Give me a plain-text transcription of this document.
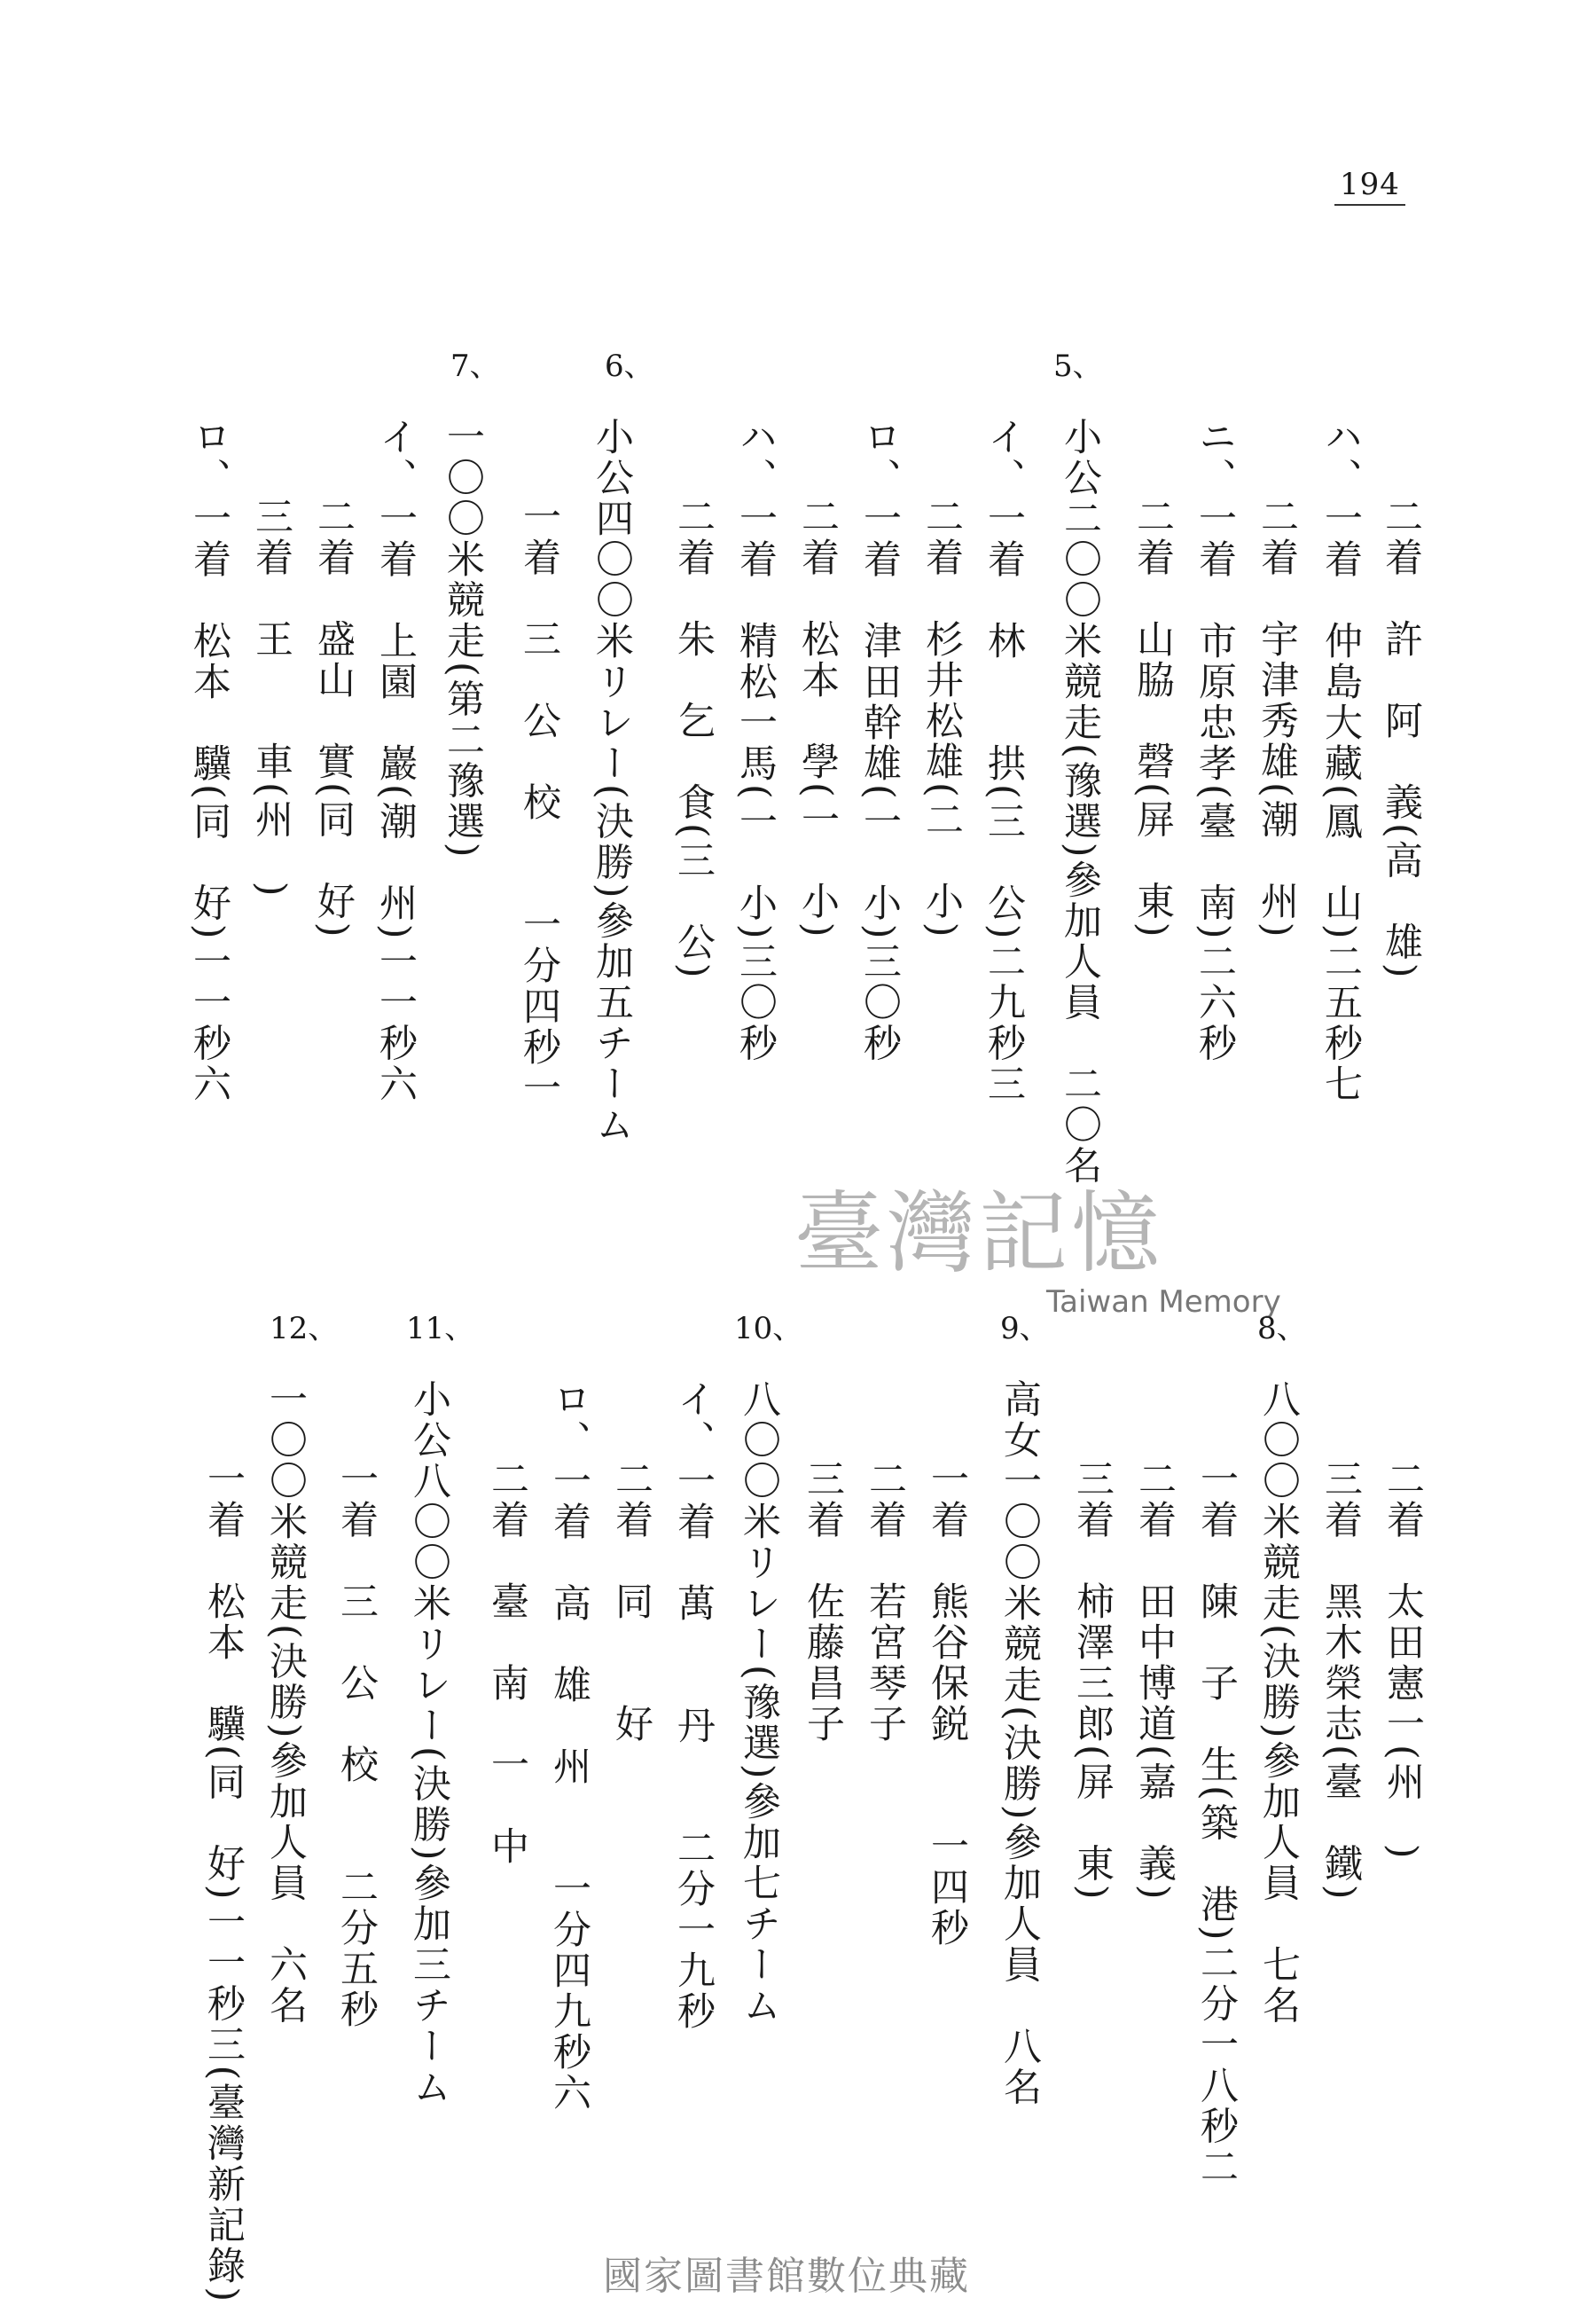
194
二着　許　阿　義(高　雄)
ハ、一着　仲島大藏(鳳　山)二五秒七
二着　宇津秀雄(潮　州)
ニ、一着　市原忠孝(臺　南)二六秒
二着　山脇　磬(屏　東)
5、
小公二〇〇米競走(豫選)參加人員　二〇名
イ、一着　林　　拱(三　公)二九秒三
二着　杉井松雄(二　小)
ロ、一着　津田幹雄(一　小)三〇秒
二着　松本　學(一　小)
ハ、一着　精松一馬(一　小)三〇秒
二着　朱　乞　食(三　公)
6、
小公四〇〇米リレー(決勝)參加五チーム
一着　三　公　校　　一分四秒一
7、
一〇〇米競走(第二豫選)
イ、一着　上園　巖(潮　州)一一秒六
二着　盛山　實(同　好)
三着　王　　車(州　)
ロ、一着　松本　驥(同　好)一一秒六
臺灣記憶
Taiwan Memory
二着　太田憲一(州　)
三着　黑木榮志(臺　鐵)
8、
八〇〇米競走(決勝)參加人員　七名
一着　陳　子　生(築　港)二分一八秒二
二着　田中博道(嘉　義)
三着　柿澤三郎(屏　東)
9、
高女一〇〇米競走(決勝)參加人員　八名
一着　熊谷保鋭　　一四秒
二着　若宮琴子
三着　佐藤昌子
10、
八〇〇米リレー(豫選)參加七チーム
イ、一着　萬　　丹　　二分一九秒
二着　同　　好
ロ、一着　高　雄　州　　一分四九秒六
二着　臺　南　一　中
11、
小公八〇〇米リレー(決勝)參加三チーム
一着　三　公　校　　二分五秒
12、
一〇〇米競走(決勝)參加人員　六名
一着　松本　驥(同　好)一一秒三(臺灣新記錄)	國家圖書館數位典藏
